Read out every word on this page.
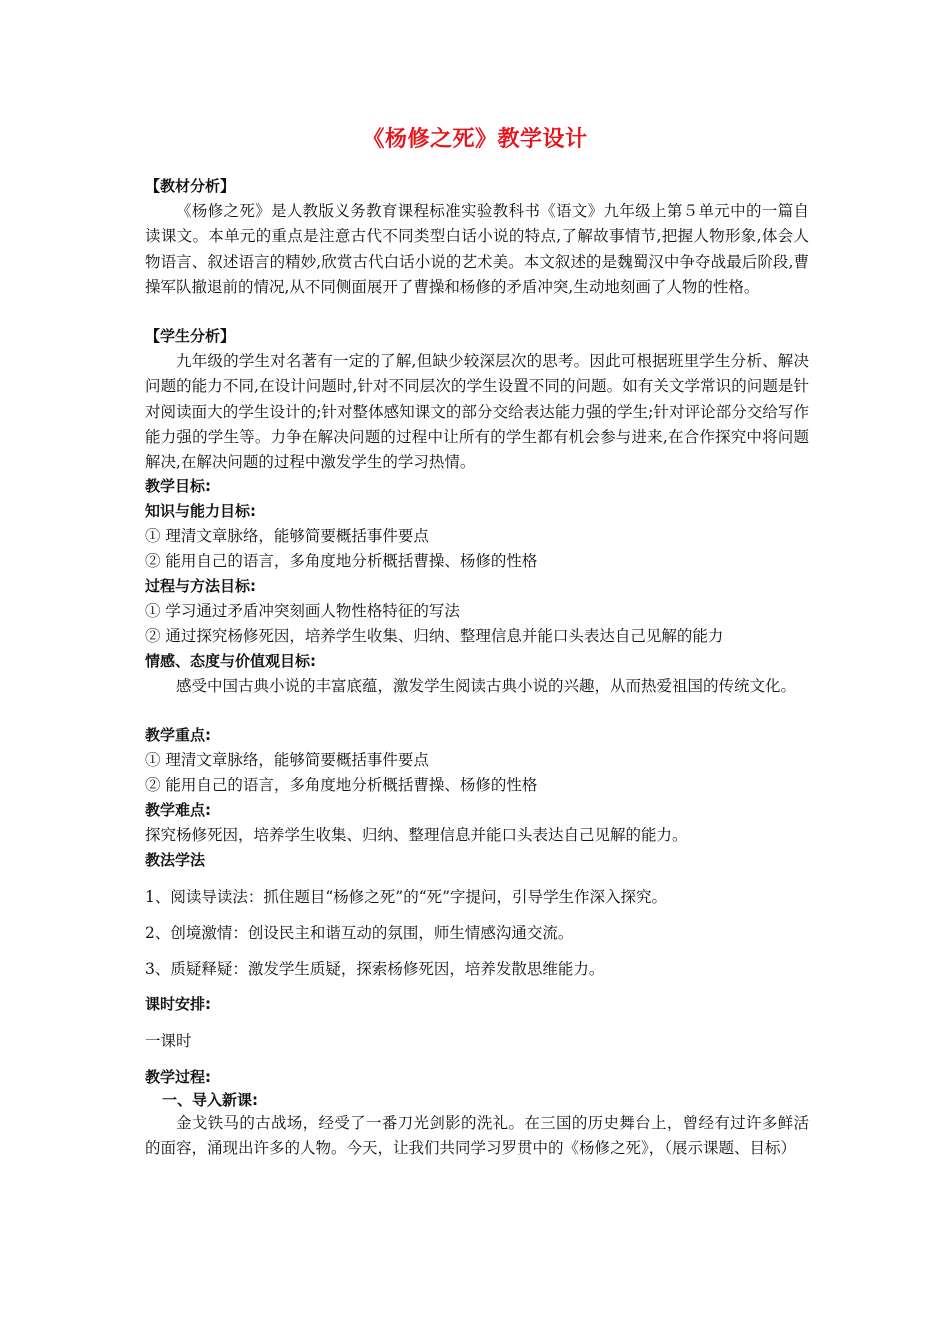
《杨修之死》教学设计
【教材分析】
《杨修之死》是人教版义务教育课程标准实验教科书《语文》九年级上第５单元中的一篇自读课文。本单元的重点是注意古代不同类型白话小说的特点,了解故事情节,把握人物形象,体会人物语言、叙述语言的精妙,欣赏古代白话小说的艺术美。本文叙述的是魏蜀汉中争夺战最后阶段,曹操军队撤退前的情况,从不同侧面展开了曹操和杨修的矛盾冲突,生动地刻画了人物的性格。
【学生分析】
九年级的学生对名著有一定的了解,但缺少较深层次的思考。因此可根据班里学生分析、解决问题的能力不同,在设计问题时,针对不同层次的学生设置不同的问题。如有关文学常识的问题是针对阅读面大的学生设计的;针对整体感知课文的部分交给表达能力强的学生;针对评论部分交给写作能力强的学生等。力争在解决问题的过程中让所有的学生都有机会参与进来,在合作探究中将问题解决,在解决问题的过程中激发学生的学习热情。
教学目标:
知识与能力目标:
① 理清文章脉络，能够简要概括事件要点
② 能用自己的语言，多角度地分析概括曹操、杨修的性格
过程与方法目标:
① 学习通过矛盾冲突刻画人物性格特征的写法
② 通过探究杨修死因，培养学生收集、归纳、整理信息并能口头表达自己见解的能力
情感、态度与价值观目标:
感受中国古典小说的丰富底蕴，激发学生阅读古典小说的兴趣，从而热爱祖国的传统文化。
教学重点:
① 理清文章脉络，能够简要概括事件要点
② 能用自己的语言，多角度地分析概括曹操、杨修的性格
教学难点:
探究杨修死因，培养学生收集、归纳、整理信息并能口头表达自己见解的能力。
教法学法
1、阅读导读法：抓住题目“杨修之死”的“死”字提问，引导学生作深入探究。
2、创境激情：创设民主和谐互动的氛围，师生情感沟通交流。
3、质疑释疑：激发学生质疑，探索杨修死因，培养发散思维能力。
课时安排:
一课时
教学过程:
一、导入新课:
金戈铁马的古战场，经受了一番刀光剑影的洗礼。在三国的历史舞台上，曾经有过许多鲜活的面容，涌现出许多的人物。今天，让我们共同学习罗贯中的《杨修之死》，（展示课题、目标）
